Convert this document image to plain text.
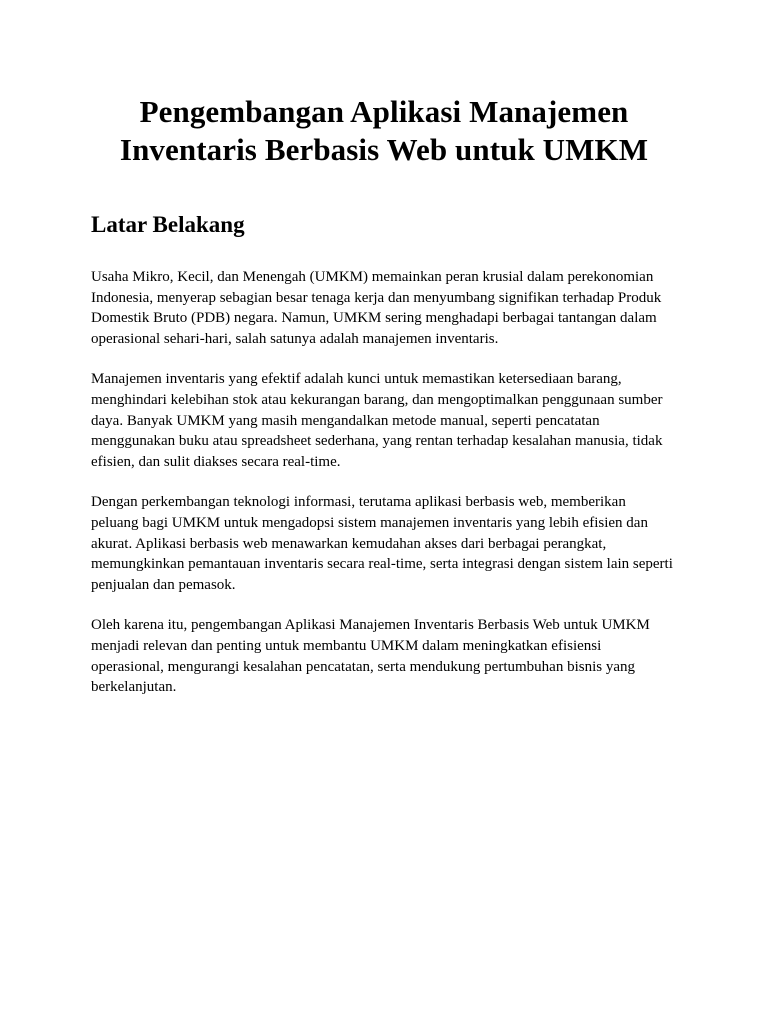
Pengembangan Aplikasi Manajemen Inventaris Berbasis Web untuk UMKM
Latar Belakang

Usaha Mikro, Kecil, dan Menengah (UMKM) memainkan peran krusial dalam perekonomian Indonesia, menyerap sebagian besar tenaga kerja dan menyumbang signifikan terhadap Produk Domestik Bruto (PDB) negara. Namun, UMKM sering menghadapi berbagai tantangan dalam operasional sehari-hari, salah satunya adalah manajemen inventaris.

Manajemen inventaris yang efektif adalah kunci untuk memastikan ketersediaan barang, menghindari kelebihan stok atau kekurangan barang, dan mengoptimalkan penggunaan sumber daya. Banyak UMKM yang masih mengandalkan metode manual, seperti pencatatan menggunakan buku atau spreadsheet sederhana, yang rentan terhadap kesalahan manusia, tidak efisien, dan sulit diakses secara real-time.

Dengan perkembangan teknologi informasi, terutama aplikasi berbasis web, memberikan peluang bagi UMKM untuk mengadopsi sistem manajemen inventaris yang lebih efisien dan akurat. Aplikasi berbasis web menawarkan kemudahan akses dari berbagai perangkat, memungkinkan pemantauan inventaris secara real-time, serta integrasi dengan sistem lain seperti penjualan dan pemasok.

Oleh karena itu, pengembangan Aplikasi Manajemen Inventaris Berbasis Web untuk UMKM menjadi relevan dan penting untuk membantu UMKM dalam meningkatkan efisiensi operasional, mengurangi kesalahan pencatatan, serta mendukung pertumbuhan bisnis yang berkelanjutan.
